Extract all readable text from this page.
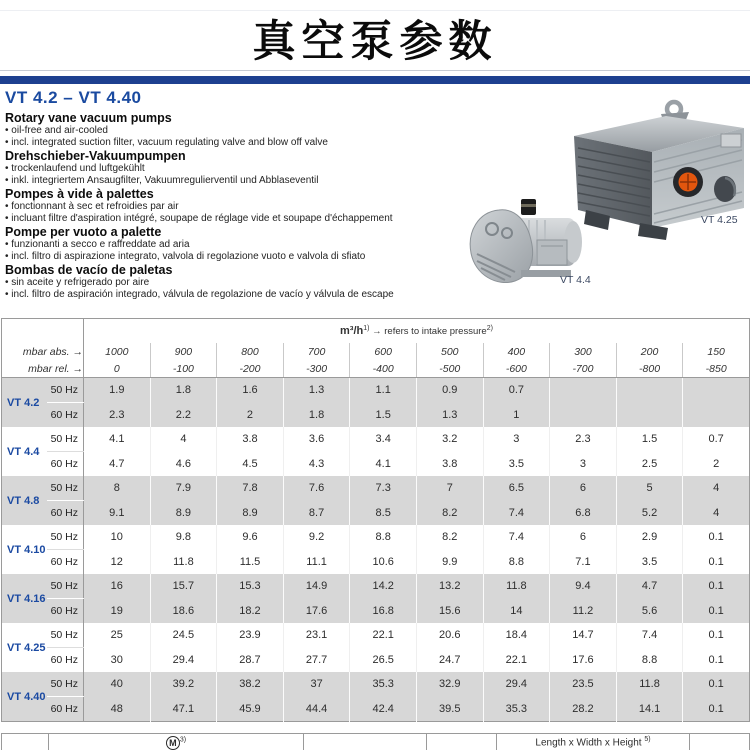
真空泵参数
VT 4.2 – VT 4.40
Rotary vane vacuum pumps
• oil-free and air-cooled
• incl. integrated suction filter, vacuum regulating valve and blow off valve
Drehschieber-Vakuumpumpen
• trockenlaufend und luftgekühlt
• inkl. integriertem Ansaugfilter, Vakuumregulierventil und Abblaseventil
Pompes à vide à palettes
• fonctionnant à sec et refroidies par air
• incluant filtre d'aspiration intégré, soupape de réglage vide et soupape d'échappement
Pompe per vuoto a palette
• funzionanti a secco e raffreddate ad aria
• incl. filtro di aspirazione integrato, valvola di regolazione vuoto e valvola di sfiato
Bombas de vacío de paletas
• sin aceite y refrigerado por aire
• incl. filtro de aspiración integrado, válvula de regolazione de vacío y válvula de escape
VT 4.25
VT 4.4
		$m^3/h^{1)}$ → refers to intake pressure$^{2)}$
mbar abs. →		1000	900	800	700	600	500	400	300	200	150
mbar rel. →		0	-100	-200	-300	-400	-500	-600	-700	-800	-850
VT 4.2	50 Hz	1.9	1.8	1.6	1.3	1.1	0.9	0.7			
	60 Hz	2.3	2.2	2	1.8	1.5	1.3	1			
VT 4.4	50 Hz	4.1	4	3.8	3.6	3.4	3.2	3	2.3	1.5	0.7
	60 Hz	4.7	4.6	4.5	4.3	4.1	3.8	3.5	3	2.5	2
VT 4.8	50 Hz	8	7.9	7.8	7.6	7.3	7	6.5	6	5	4
	60 Hz	9.1	8.9	8.9	8.7	8.5	8.2	7.4	6.8	5.2	4
VT 4.10	50 Hz	10	9.8	9.6	9.2	8.8	8.2	7.4	6	2.9	0.1
	60 Hz	12	11.8	11.5	11.1	10.6	9.9	8.8	7.1	3.5	0.1
VT 4.16	50 Hz	16	15.7	15.3	14.9	14.2	13.2	11.8	9.4	4.7	0.1
	60 Hz	19	18.6	18.2	17.6	16.8	15.6	14	11.2	5.6	0.1
VT 4.25	50 Hz	25	24.5	23.9	23.1	22.1	20.6	18.4	14.7	7.4	0.1
	60 Hz	30	29.4	28.7	27.7	26.5	24.7	22.1	17.6	8.8	0.1
VT 4.40	50 Hz	40	39.2	38.2	37	35.3	32.9	29.4	23.5	11.8	0.1
	60 Hz	48	47.1	45.9	44.4	42.4	39.5	35.3	28.2	14.1	0.1
	M $^{3)}$			Length x Width x Height $^{5)}$	
